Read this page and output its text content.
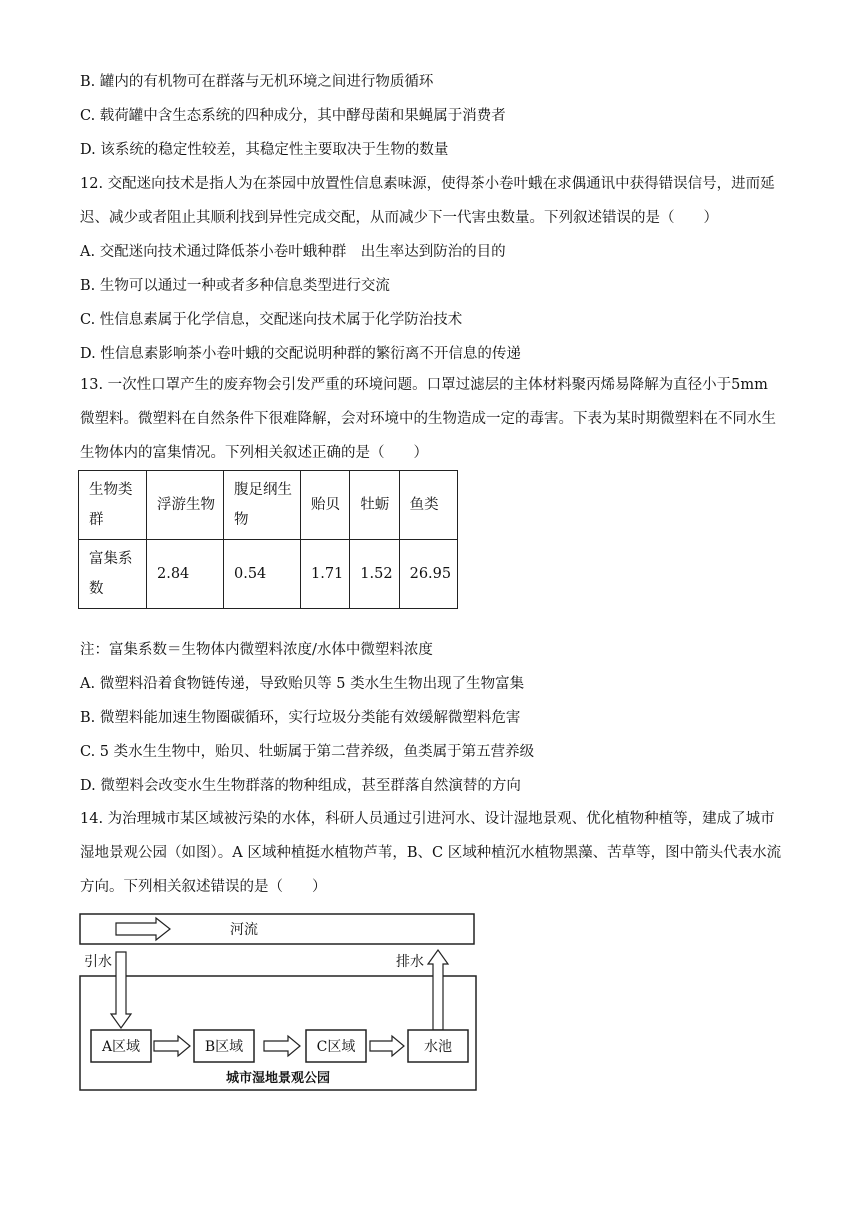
B. 罐内的有机物可在群落与无机环境之间进行物质循环
C. 载荷罐中含生态系统的四种成分，其中酵母菌和果蝇属于消费者
D. 该系统的稳定性较差，其稳定性主要取决于生物的数量
12. 交配迷向技术是指人为在茶园中放置性信息素味源，使得茶小卷叶蛾在求偶通讯中获得错误信号，进而延迟、减少或者阻止其顺利找到异性完成交配，从而减少下一代害虫数量。下列叙述错误的是（　　）
A. 交配迷向技术通过降低茶小卷叶蛾种群　出生率达到防治的目的
B. 生物可以通过一种或者多种信息类型进行交流
C. 性信息素属于化学信息，交配迷向技术属于化学防治技术
D. 性信息素影响茶小卷叶蛾的交配说明种群的繁衍离不开信息的传递
13. 一次性口罩产生的废弃物会引发严重的环境问题。口罩过滤层的主体材料聚丙烯易降解为直径小于5mm微塑料。微塑料在自然条件下很难降解，会对环境中的生物造成一定的毒害。下表为某时期微塑料在不同水生生物体内的富集情况。下列相关叙述正确的是（　　）
生物类群	浮游生物	腹足纲生物	贻贝	牡蛎	鱼类
富集系数	2.84	0.54	1.71	1.52	26.95
注：富集系数＝生物体内微塑料浓度/水体中微塑料浓度
A. 微塑料沿着食物链传递，导致贻贝等 5 类水生生物出现了生物富集
B. 微塑料能加速生物圈碳循环，实行垃圾分类能有效缓解微塑料危害
C. 5 类水生生物中，贻贝、牡蛎属于第二营养级，鱼类属于第五营养级
D. 微塑料会改变水生生物群落的物种组成，甚至群落自然演替的方向
14. 为治理城市某区域被污染的水体，科研人员通过引进河水、设计湿地景观、优化植物种植等，建成了城市湿地景观公园（如图）。A 区域种植挺水植物芦苇，B、C 区域种植沉水植物黑藻、苦草等，图中箭头代表水流方向。下列相关叙述错误的是（　　）
河流
引水	排水
A区域	B区域	C区域	水池
城市湿地景观公园
